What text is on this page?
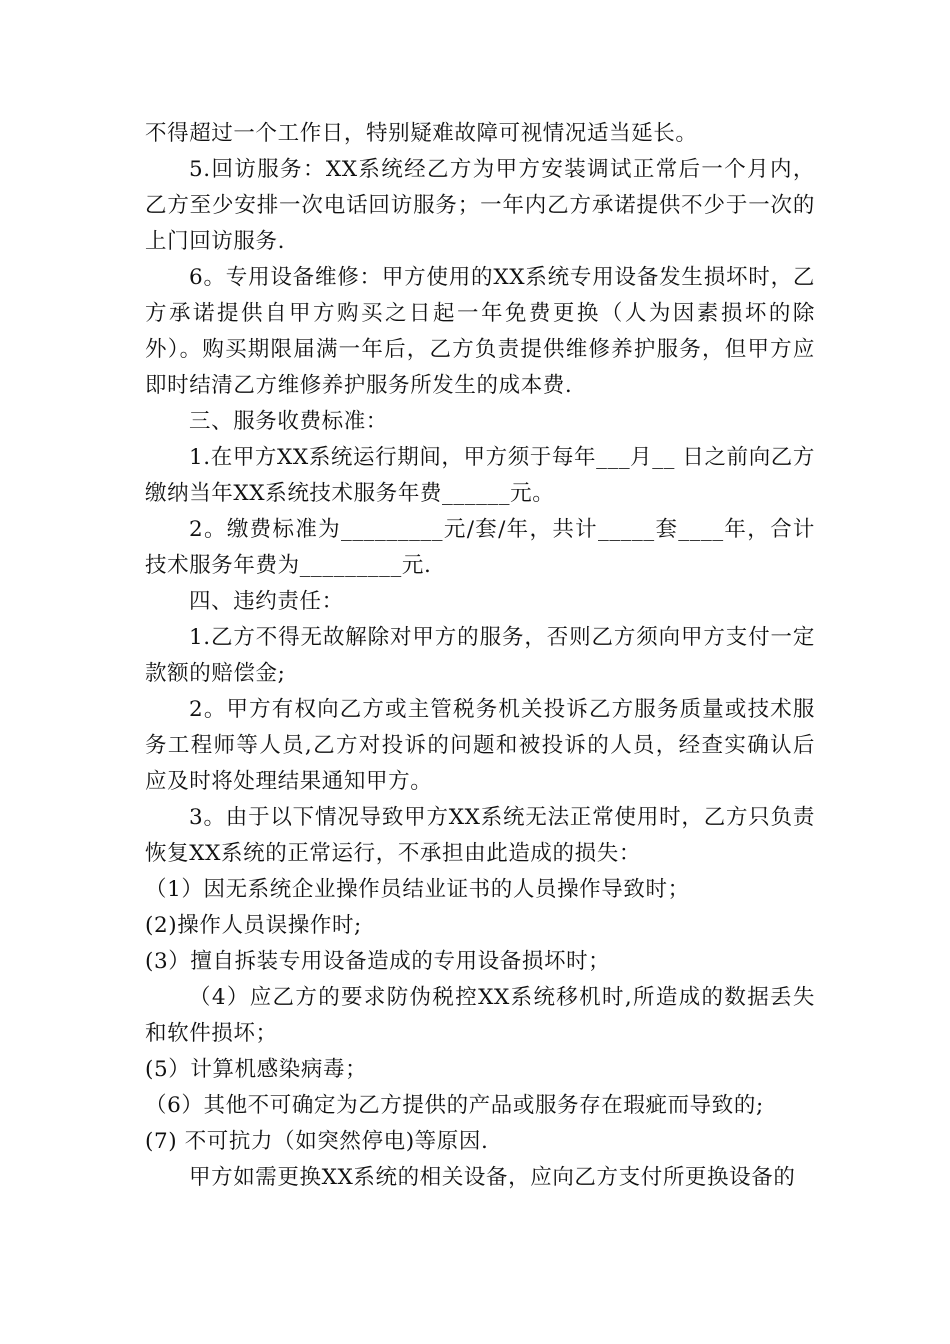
不得超过一个工作日，特别疑难故障可视情况适当延长。

5.回访服务：XX系统经乙方为甲方安装调试正常后一个月内，乙方至少安排一次电话回访服务；一年内乙方承诺提供不少于一次的上门回访服务.

6。专用设备维修：甲方使用的XX系统专用设备发生损坏时，乙方承诺提供自甲方购买之日起一年免费更换（人为因素损坏的除外）。购买期限届满一年后，乙方负责提供维修养护服务，但甲方应即时结清乙方维修养护服务所发生的成本费.

三、服务收费标准：

1.在甲方XX系统运行期间，甲方须于每年___月__ 日之前向乙方缴纳当年XX系统技术服务年费______元。

2。缴费标准为_________元/套/年，共计_____套____年，合计技术服务年费为_________元.

四、违约责任：

1.乙方不得无故解除对甲方的服务，否则乙方须向甲方支付一定款额的赔偿金;

2。甲方有权向乙方或主管税务机关投诉乙方服务质量或技术服务工程师等人员,乙方对投诉的问题和被投诉的人员，经查实确认后应及时将处理结果通知甲方。

3。由于以下情况导致甲方XX系统无法正常使用时，乙方只负责恢复XX系统的正常运行，不承担由此造成的损失：

（1）因无系统企业操作员结业证书的人员操作导致时；

(2)操作人员误操作时;

(3）擅自拆装专用设备造成的专用设备损坏时；

（4）应乙方的要求防伪税控XX系统移机时,所造成的数据丢失和软件损坏；

(5）计算机感染病毒；

（6）其他不可确定为乙方提供的产品或服务存在瑕疵而导致的;

(7) 不可抗力（如突然停电)等原因.

甲方如需更换XX系统的相关设备，应向乙方支付所更换设备的
